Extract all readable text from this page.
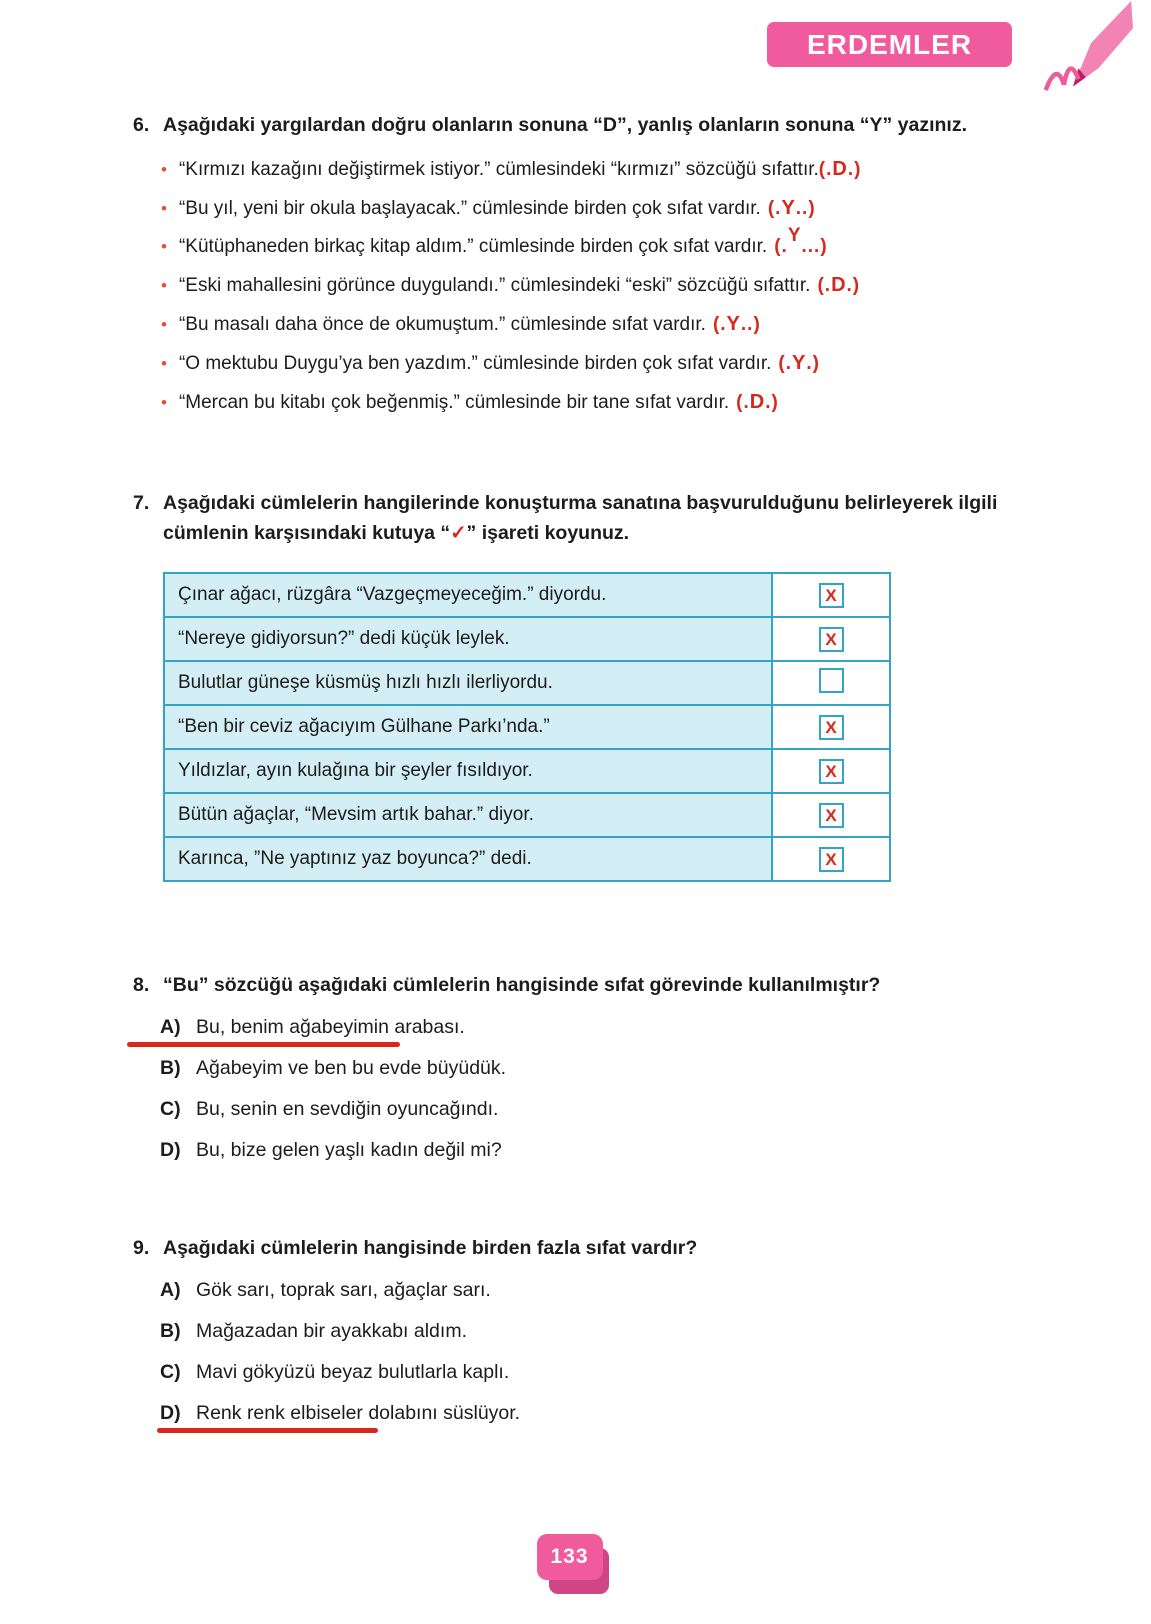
ERDEMLER
6. Aşağıdaki yargılardan doğru olanların sonuna “D”, yanlış olanların sonuna “Y” yazınız.
• “Kırmızı kazağını değiştirmek istiyor.” cümlesindeki “kırmızı” sözcüğü sıfattır.(.D.)
• “Bu yıl, yeni bir okula başlayacak.” cümlesinde birden çok sıfat vardır. (.Y..)
• “Kütüphaneden birkaç kitap aldım.” cümlesinde birden çok sıfat vardır. (.Y...)
• “Eski mahallesini görünce duygulandı.” cümlesindeki “eski” sözcüğü sıfattır. (.D.)
• “Bu masalı daha önce de okumuştum.” cümlesinde sıfat vardır. (.Y..)
• “O mektubu Duygu’ya ben yazdım.” cümlesinde birden çok sıfat vardır. (.Y.)
• “Mercan bu kitabı çok beğenmiş.” cümlesinde bir tane sıfat vardır. (.D.)
7. Aşağıdaki cümlelerin hangilerinde konuşturma sanatına başvurulduğunu belirleyerek ilgili cümlenin karşısındaki kutuya “✓” işareti koyunuz.
Çınar ağacı, rüzgâra “Vazgeçmeyeceğim.” diyordu.	X
“Nereye gidiyorsun?” dedi küçük leylek.	X
Bulutlar güneşe küsmüş hızlı hızlı ilerliyordu.	
“Ben bir ceviz ağacıyım Gülhane Parkı’nda.”	X
Yıldızlar, ayın kulağına bir şeyler fısıldıyor.	X
Bütün ağaçlar, “Mevsim artık bahar.” diyor.	X
Karınca, ”Ne yaptınız yaz boyunca?” dedi.	X
8. “Bu” sözcüğü aşağıdaki cümlelerin hangisinde sıfat görevinde kullanılmıştır?
A) Bu, benim ağabeyimin arabası.
B) Ağabeyim ve ben bu evde büyüdük.
C) Bu, senin en sevdiğin oyuncağındı.
D) Bu, bize gelen yaşlı kadın değil mi?
9. Aşağıdaki cümlelerin hangisinde birden fazla sıfat vardır?
A) Gök sarı, toprak sarı, ağaçlar sarı.
B) Mağazadan bir ayakkabı aldım.
C) Mavi gökyüzü beyaz bulutlarla kaplı.
D) Renk renk elbiseler dolabını süslüyor.
133
